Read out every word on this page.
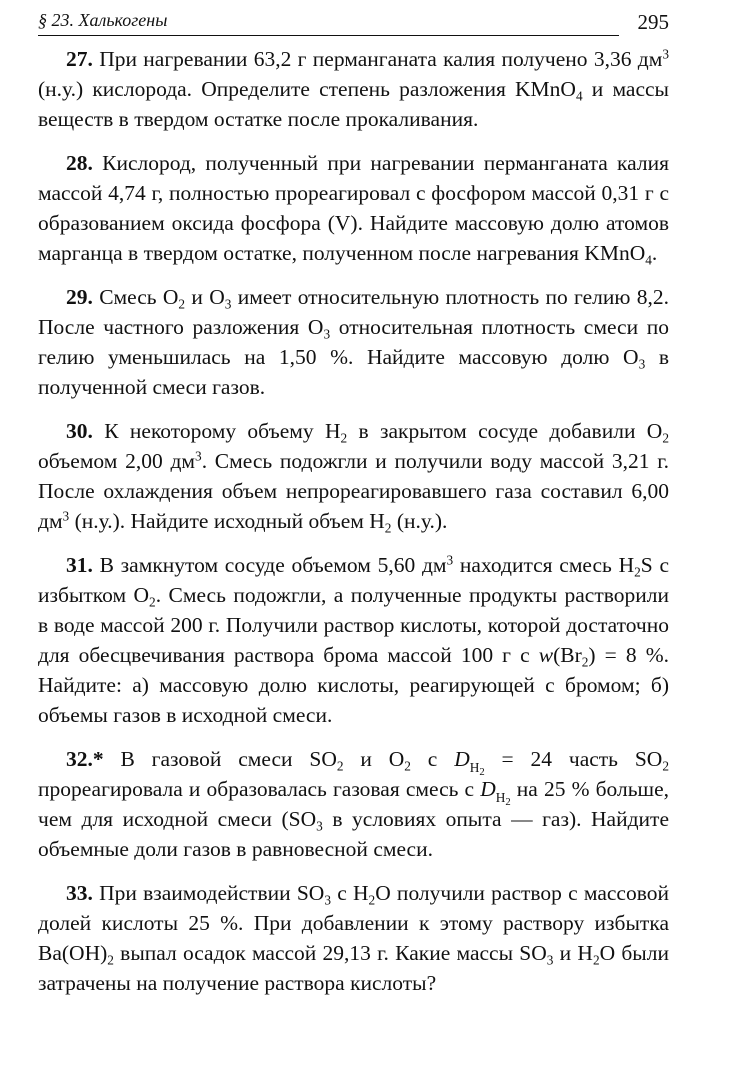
§ 23. Халькогены	295

27. При нагревании 63,2 г перманганата калия получено 3,36 $дм^3$ (н.у.) кислорода. Определите степень разложения KMnO$_4$ и массы веществ в твердом остатке после прокаливания.

28. Кислород, полученный при нагревании перманганата калия массой 4,74 г, полностью прореагировал с фосфором массой 0,31 г с образованием оксида фосфора (V). Найдите массовую долю атомов марганца в твердом остатке, полученном после нагревания KMnO$_4$.

29. Смесь $O_2$ и $O_3$ имеет относительную плотность по гелию 8,2. После частного разложения $O_3$ относительная плотность смеси по гелию уменьшилась на 1,50 %. Найдите массовую долю $O_3$ в полученной смеси газов.

30. К некоторому объему $H_2$ в закрытом сосуде добавили $O_2$ объемом 2,00 $дм^3$. Смесь подожгли и получили воду массой 3,21 г. После охлаждения объем непрореагировавшего газа составил 6,00 $дм^3$ (н.у.). Найдите исходный объем $H_2$ (н.у.).

31. В замкнутом сосуде объемом 5,60 $дм^3$ находится смесь $H_2S$ с избытком $O_2$. Смесь подожгли, а полученные продукты растворили в воде массой 200 г. Получили раствор кислоты, которой достаточно для обесцвечивания раствора брома массой 100 г с $w(Br_2) = 8$ %. Найдите: а) массовую долю кислоты, реагирующей с бромом; б) объемы газов в исходной смеси.

32.* В газовой смеси $SO_2$ и $O_2$ с $D_{H_2} = 24$ часть $SO_2$ прореагировала и образовалась газовая смесь с $D_{H_2}$ на 25 % больше, чем для исходной смеси ($SO_3$ в условиях опыта — газ). Найдите объемные доли газов в равновесной смеси.

33. При взаимодействии $SO_3$ с $H_2O$ получили раствор с массовой долей кислоты 25 %. При добавлении к этому раствору избытка $Ba(OH)_2$ выпал осадок массой 29,13 г. Какие массы $SO_3$ и $H_2O$ были затрачены на получение раствора кислоты?
